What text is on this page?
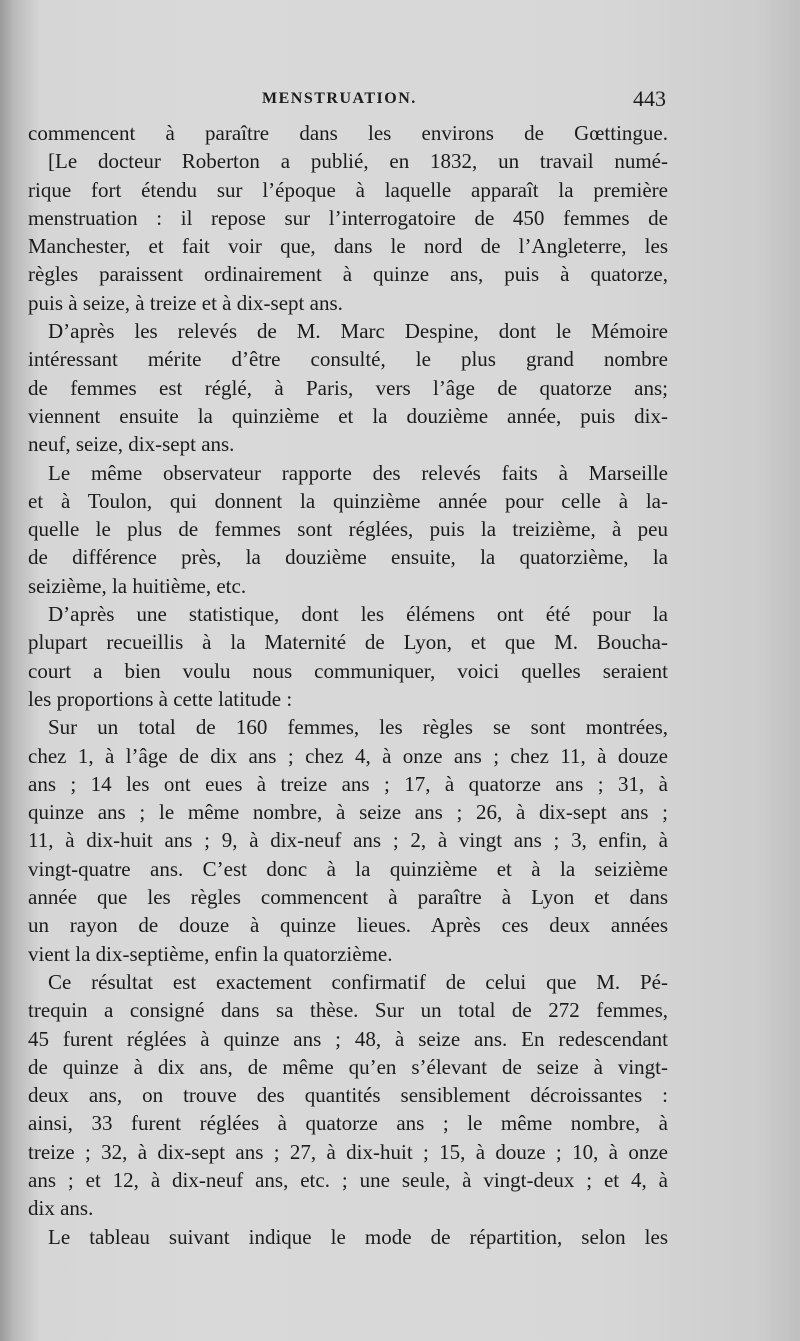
MENSTRUATION.	443
commencent à paraître dans les environs de Gœttingue.
[Le docteur Roberton a publié, en 1832, un travail numé-
rique fort étendu sur l’époque à laquelle apparaît la première
menstruation : il repose sur l’interrogatoire de 450 femmes de
Manchester, et fait voir que, dans le nord de l’Angleterre, les
règles paraissent ordinairement à quinze ans, puis à quatorze,
puis à seize, à treize et à dix-sept ans.
D’après les relevés de M. Marc Despine, dont le Mémoire
intéressant mérite d’être consulté, le plus grand nombre
de femmes est réglé, à Paris, vers l’âge de quatorze ans;
viennent ensuite la quinzième et la douzième année, puis dix-
neuf, seize, dix-sept ans.
Le même observateur rapporte des relevés faits à Marseille
et à Toulon, qui donnent la quinzième année pour celle à la-
quelle le plus de femmes sont réglées, puis la treizième, à peu
de différence près, la douzième ensuite, la quatorzième, la
seizième, la huitième, etc.
D’après une statistique, dont les élémens ont été pour la
plupart recueillis à la Maternité de Lyon, et que M. Boucha-
court a bien voulu nous communiquer, voici quelles seraient
les proportions à cette latitude :
Sur un total de 160 femmes, les règles se sont montrées,
chez 1, à l’âge de dix ans ; chez 4, à onze ans ; chez 11, à douze
ans ; 14 les ont eues à treize ans ; 17, à quatorze ans ; 31, à
quinze ans ; le même nombre, à seize ans ; 26, à dix-sept ans ;
11, à dix-huit ans ; 9, à dix-neuf ans ; 2, à vingt ans ; 3, enfin, à
vingt-quatre ans. C’est donc à la quinzième et à la seizième
année que les règles commencent à paraître à Lyon et dans
un rayon de douze à quinze lieues. Après ces deux années
vient la dix-septième, enfin la quatorzième.
Ce résultat est exactement confirmatif de celui que M. Pé-
trequin a consigné dans sa thèse. Sur un total de 272 femmes,
45 furent réglées à quinze ans ; 48, à seize ans. En redescendant
de quinze à dix ans, de même qu’en s’élevant de seize à vingt-
deux ans, on trouve des quantités sensiblement décroissantes :
ainsi, 33 furent réglées à quatorze ans ; le même nombre, à
treize ; 32, à dix-sept ans ; 27, à dix-huit ; 15, à douze ; 10, à onze
ans ; et 12, à dix-neuf ans, etc. ; une seule, à vingt-deux ; et 4, à
dix ans.
Le tableau suivant indique le mode de répartition, selon les
